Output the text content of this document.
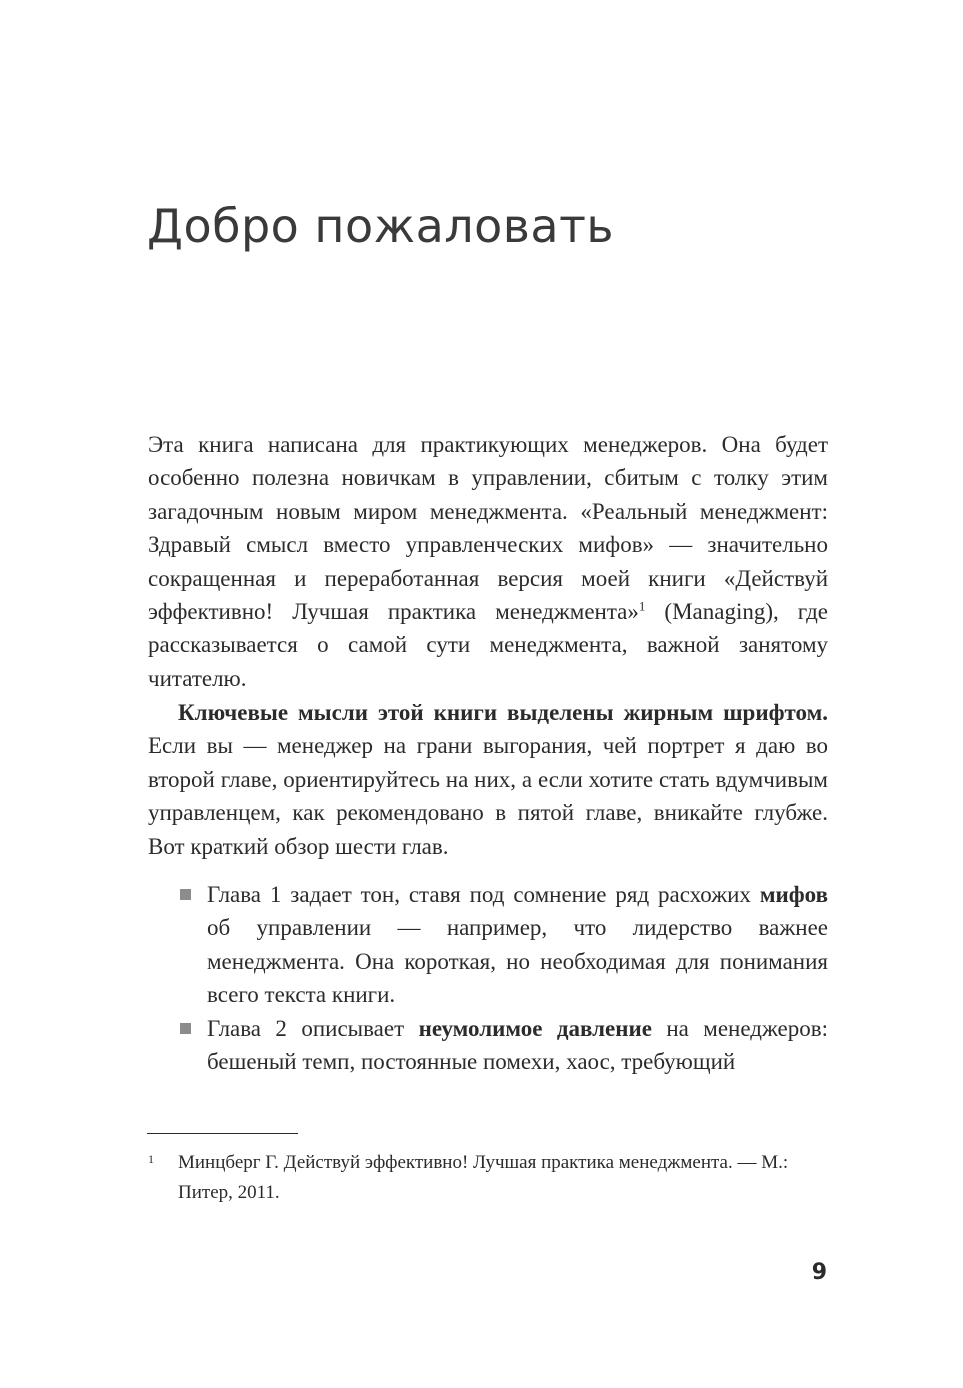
Добро пожаловать

Эта книга написана для практикующих менеджеров. Она будет особенно полезна новичкам в управлении, сбитым с толку этим загадочным новым миром менеджмента. «Реальный менеджмент: Здравый смысл вместо управленческих мифов» — значительно сокращенная и переработанная версия моей книги «Действуй эффективно! Лучшая практика менеджмента»$^1$ (Managing), где рассказывается о самой сути менеджмента, важной занятому читателю.

Ключевые мысли этой книги выделены жирным шрифтом. Если вы — менеджер на грани выгорания, чей портрет я даю во второй главе, ориентируйтесь на них, а если хотите стать вдумчивым управленцем, как рекомендовано в пятой главе, вникайте глубже. Вот краткий обзор шести глав.

Глава 1 задает тон, ставя под сомнение ряд расхожих мифов об управлении — например, что лидерство важнее менеджмента. Она короткая, но необходимая для понимания всего текста книги.
Глава 2 описывает неумолимое давление на менеджеров: бешеный темп, постоянные помехи, хаос, требующий
1 Минцберг Г. Действуй эффективно! Лучшая практика менеджмента. — М.: Питер, 2011.
9
